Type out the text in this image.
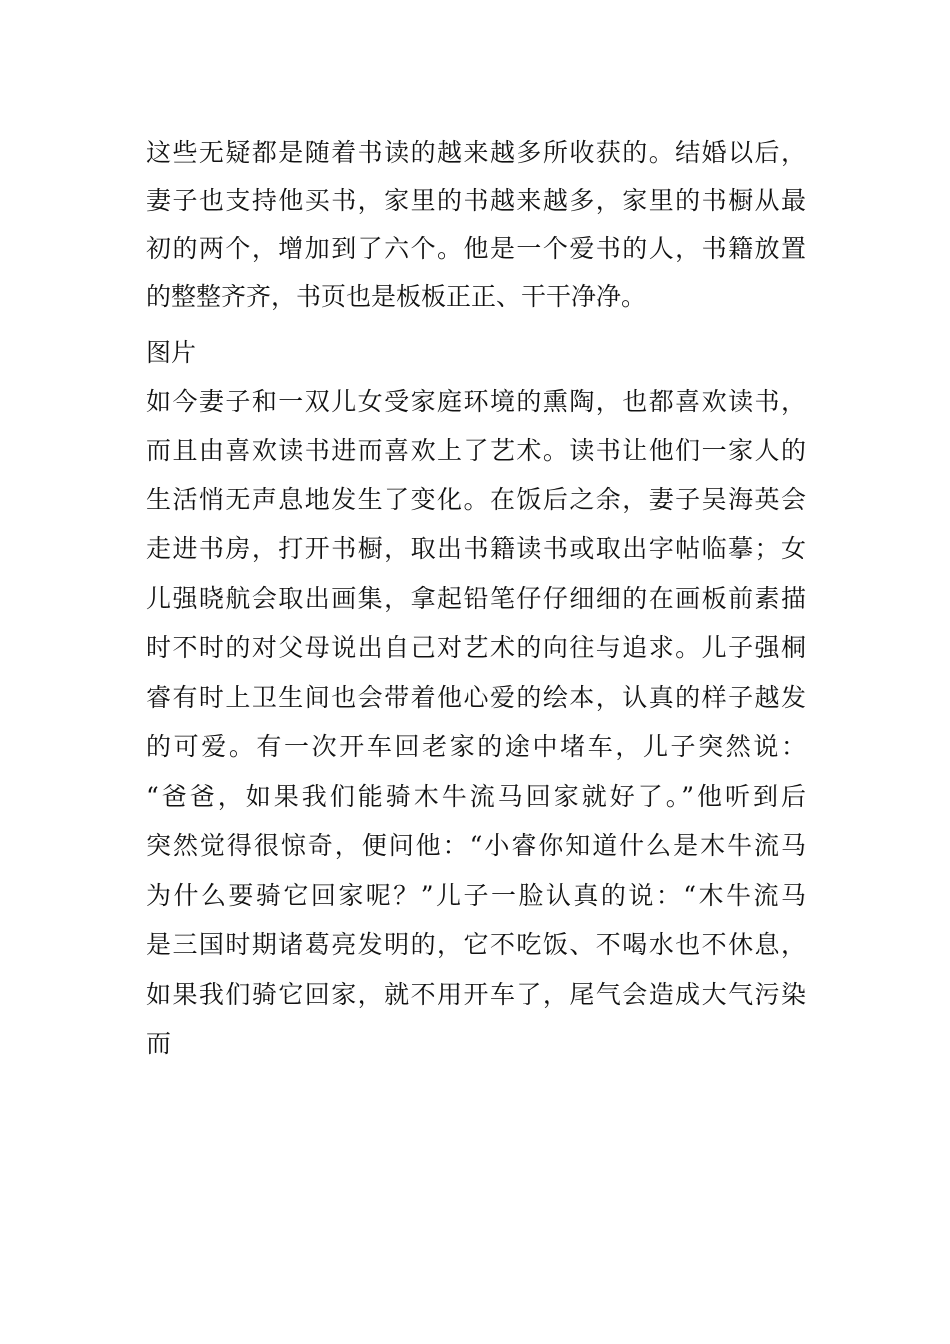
这些无疑都是随着书读的越来越多所收获的。结婚以后，
妻子也支持他买书，家里的书越来越多，家里的书橱从最
初的两个，增加到了六个。他是一个爱书的人，书籍放置
的整整齐齐，书页也是板板正正、干干净净。
图片
如今妻子和一双儿女受家庭环境的熏陶，也都喜欢读书，
而且由喜欢读书进而喜欢上了艺术。读书让他们一家人的
生活悄无声息地发生了变化。在饭后之余，妻子吴海英会
走进书房，打开书橱，取出书籍读书或取出字帖临摹；女
儿强晓航会取出画集，拿起铅笔仔仔细细的在画板前素描
时不时的对父母说出自己对艺术的向往与追求。儿子强桐
睿有时上卫生间也会带着他心爱的绘本，认真的样子越发
的可爱。有一次开车回老家的途中堵车，儿子突然说：
“爸爸，如果我们能骑木牛流马回家就好了。”他听到后
突然觉得很惊奇，便问他：“小睿你知道什么是木牛流马
为什么要骑它回家呢？”儿子一脸认真的说：“木牛流马
是三国时期诸葛亮发明的，它不吃饭、不喝水也不休息，
如果我们骑它回家，就不用开车了，尾气会造成大气污染
而
